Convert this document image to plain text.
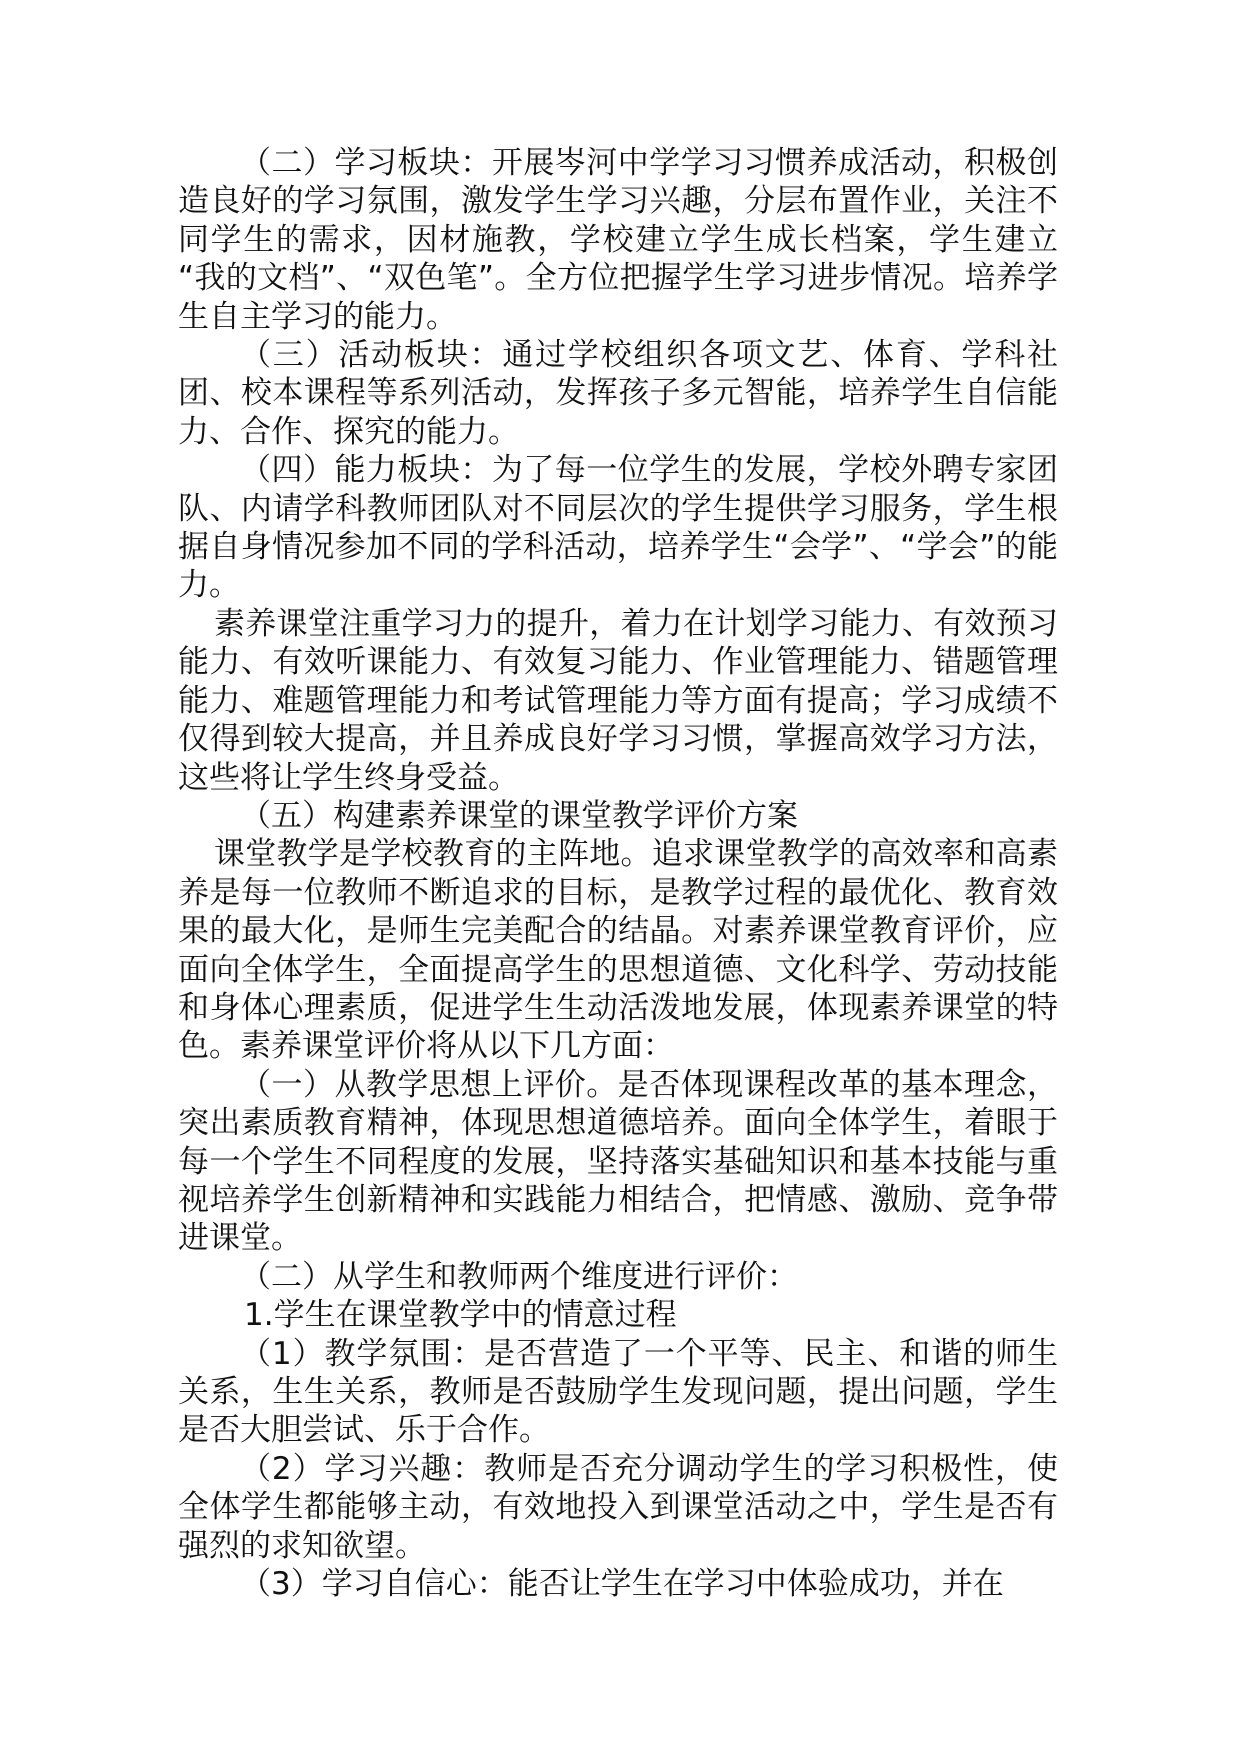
（二）学习板块：开展岑河中学学习习惯养成活动，积极创造良好的学习氛围，激发学生学习兴趣，分层布置作业，关注不同学生的需求，因材施教，学校建立学生成长档案，学生建立 “我的文档”、“双色笔”。全方位把握学生学习进步情况。培养学生自主学习的能力。

（三）活动板块：通过学校组织各项文艺、体育、学科社团、校本课程等系列活动，发挥孩子多元智能，培养学生自信能力、合作、探究的能力。

（四）能力板块：为了每一位学生的发展，学校外聘专家团队、内请学科教师团队对不同层次的学生提供学习服务，学生根据自身情况参加不同的学科活动，培养学生“会学”、“学会”的能力。

素养课堂注重学习力的提升，着力在计划学习能力、有效预习能力、有效听课能力、有效复习能力、作业管理能力、错题管理能力、难题管理能力和考试管理能力等方面有提高；学习成绩不仅得到较大提高，并且养成良好学习习惯，掌握高效学习方法，这些将让学生终身受益。

（五）构建素养课堂的课堂教学评价方案

课堂教学是学校教育的主阵地。追求课堂教学的高效率和高素养是每一位教师不断追求的目标，是教学过程的最优化、教育效果的最大化，是师生完美配合的结晶。对素养课堂教育评价，应面向全体学生，全面提高学生的思想道德、文化科学、劳动技能和身体心理素质，促进学生生动活泼地发展，体现素养课堂的特色。素养课堂评价将从以下几方面：

（一）从教学思想上评价。是否体现课程改革的基本理念，突出素质教育精神，体现思想道德培养。面向全体学生，着眼于每一个学生不同程度的发展，坚持落实基础知识和基本技能与重视培养学生创新精神和实践能力相结合，把情感、激励、竞争带进课堂。

（二）从学生和教师两个维度进行评价：

1.学生在课堂教学中的情意过程

（1）教学氛围：是否营造了一个平等、民主、和谐的师生关系，生生关系，教师是否鼓励学生发现问题，提出问题，学生是否大胆尝试、乐于合作。

（2）学习兴趣：教师是否充分调动学生的学习积极性，使全体学生都能够主动，有效地投入到课堂活动之中，学生是否有强烈的求知欲望。

（3）学习自信心：能否让学生在学习中体验成功，并在
